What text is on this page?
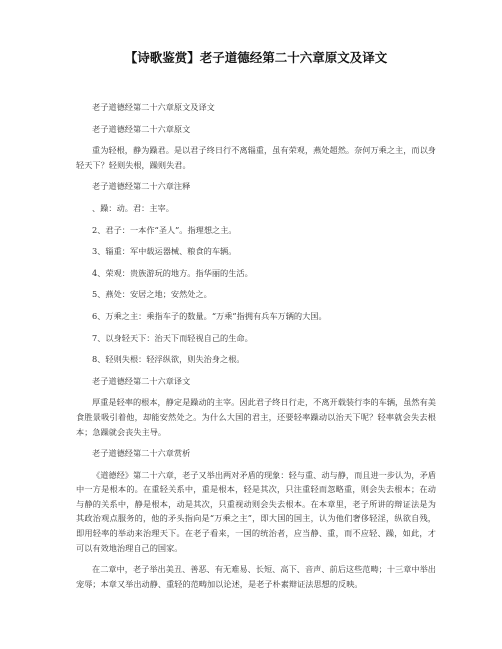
【诗歌鉴赏】老子道德经第二十六章原文及译文

老子道德经第二十六章原文及译文

老子道德经第二十六章原文

重为轻根，静为躁君。是以君子终日行不离辎重，虽有荣观，燕处超然。奈何万乘之主，而以身轻天下？轻则失根，躁则失君。

老子道德经第二十六章注释

、躁：动。君：主宰。

2、君子：一本作“圣人”。指理想之主。

3、辎重：军中载运器械、粮食的车辆。

4、荣观：贵族游玩的地方。指华丽的生活。

5、燕处：安居之地；安然处之。

6、万乘之主：乘指车子的数量。“万乘”指拥有兵车万辆的大国。

7、以身轻天下：治天下而轻视自己的生命。

8、轻则失根：轻浮纵欲，则失治身之根。

老子道德经第二十六章译文

厚重是轻率的根本，静定是躁动的主宰。因此君子终日行走，不离开载装行李的车辆，虽然有美食胜景吸引着他，却能安然处之。为什么大国的君主，还要轻率躁动以治天下呢？轻率就会失去根本；急躁就会丧失主导。

老子道德经第二十六章赏析

《道德经》第二十六章，老子又举出两对矛盾的现象：轻与重、动与静，而且进一步认为，矛盾中一方是根本的。在重轻关系中，重是根本，轻是其次，只注重轻而忽略重，则会失去根本；在动与静的关系中，静是根本，动是其次，只重视动则会失去根本。在本章里，老子所讲的辩证法是为其政治观点服务的，他的矛头指向是“万乘之主”，即大国的国主，认为他们奢侈轻淫，纵欲自残，即用轻率的举动来治理天下。在老子看来，一国的统治者，应当静、重，而不应轻、躁，如此，才可以有效地治理自己的国家。

在二章中，老子举出美丑、善恶、有无难易、长短、高下、音声、前后这些范畴；十三章中举出宠辱；本章又举出动静、重轻的范畴加以论述，是老子朴素辩证法思想的反映。
